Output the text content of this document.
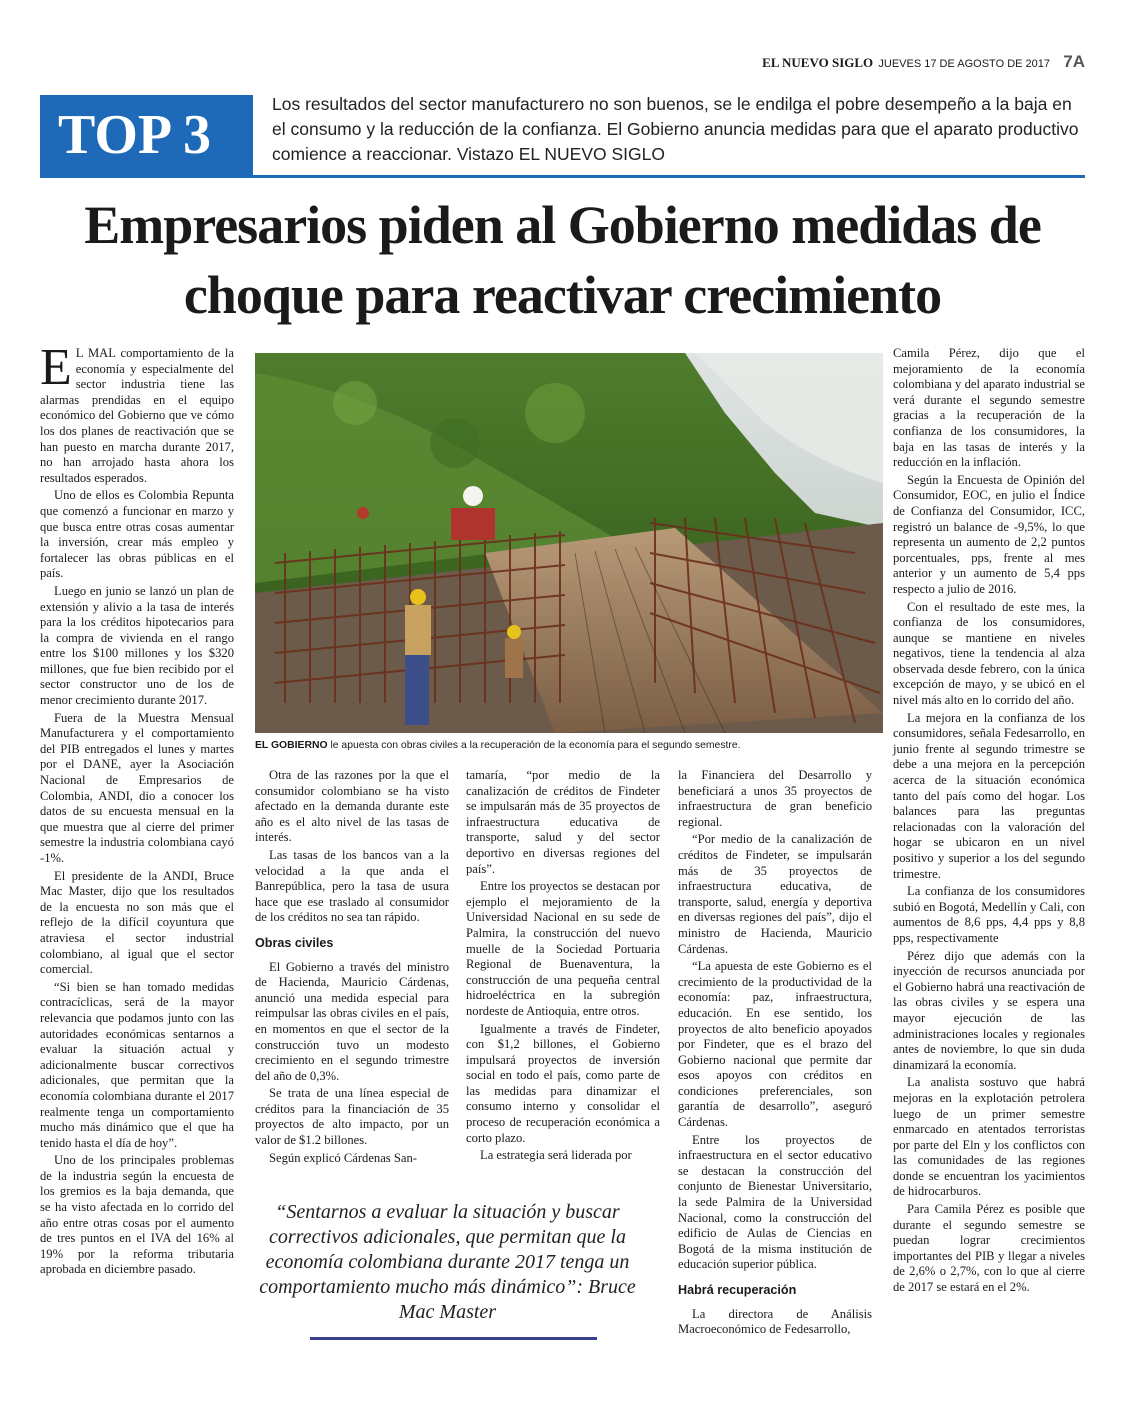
EL NUEVO SIGLO JUEVES 17 DE AGOSTO DE 2017 7A
TOP 3	Los resultados del sector manufacturero no son buenos, se le endilga el pobre desempeño a la baja en el consumo y la reducción de la confianza. El Gobierno anuncia medidas para que el aparato productivo comience a reaccionar. Vistazo EL NUEVO SIGLO
Empresarios piden al Gobierno medidas de
choque para reactivar crecimiento

E L MAL comportamiento de la economía y especialmente del sector industria tiene las alarmas prendidas en el equipo económico del Gobierno que ve cómo los dos planes de reactivación que se han puesto en marcha durante 2017, no han arrojado hasta ahora los resultados esperados.

Uno de ellos es Colombia Repunta que comenzó a funcionar en marzo y que busca entre otras cosas aumentar la inversión, crear más empleo y fortalecer las obras públicas en el país.

Luego en junio se lanzó un plan de extensión y alivio a la tasa de interés para la los créditos hipotecarios para la compra de vivienda en el rango entre los $100 millones y los $320 millones, que fue bien recibido por el sector constructor uno de los de menor crecimiento durante 2017.

Fuera de la Muestra Mensual Manufacturera y el comportamiento del PIB entregados el lunes y martes por el DANE, ayer la Asociación Nacional de Empresarios de Colombia, ANDI, dio a conocer los datos de su encuesta mensual en la que muestra que al cierre del primer semestre la industria colombiana cayó -1%.

El presidente de la ANDI, Bruce Mac Master, dijo que los resultados de la encuesta no son más que el reflejo de la difícil coyuntura que atraviesa el sector industrial colombiano, al igual que el sector comercial.

“Si bien se han tomado medidas contracíclicas, será de la mayor relevancia que podamos junto con las autoridades económicas sentarnos a evaluar la situación actual y adicionalmente buscar correctivos adicionales, que permitan que la economía colombiana durante el 2017 realmente tenga un comportamiento mucho más dinámico que el que ha tenido hasta el día de hoy”.

Uno de los principales problemas de la industria según la encuesta de los gremios es la baja demanda, que se ha visto afectada en lo corrido del año entre otras cosas por el aumento de tres puntos en el IVA del 16% al 19% por la reforma tributaria aprobada en diciembre pasado.

EL GOBIERNO le apuesta con obras civiles a la recuperación de la economía para el segundo semestre.

Otra de las razones por la que el consumidor colombiano se ha visto afectado en la demanda durante este año es el alto nivel de las tasas de interés.

Las tasas de los bancos van a la velocidad a la que anda el Banrepública, pero la tasa de usura hace que ese traslado al consumidor de los créditos no sea tan rápido.

Obras civiles

El Gobierno a través del ministro de Hacienda, Mauricio Cárdenas, anunció una medida especial para reimpulsar las obras civiles en el país, en momentos en que el sector de la construcción tuvo un modesto crecimiento en el segundo trimestre del año de 0,3%.

Se trata de una línea especial de créditos para la financiación de 35 proyectos de alto impacto, por un valor de $1.2 billones.

Según explicó Cárdenas San-

tamaría, “por medio de la canalización de créditos de Findeter se impulsarán más de 35 proyectos de infraestructura educativa de transporte, salud y del sector deportivo en diversas regiones del país”.

Entre los proyectos se destacan por ejemplo el mejoramiento de la Universidad Nacional en su sede de Palmira, la construcción del nuevo muelle de la Sociedad Portuaria Regional de Buenaventura, la construcción de una pequeña central hidroeléctrica en la subregión nordeste de Antioquia, entre otros.

Igualmente a través de Findeter, con $1,2 billones, el Gobierno impulsará proyectos de inversión social en todo el país, como parte de las medidas para dinamizar el consumo interno y consolidar el proceso de recuperación económica a corto plazo.

La estrategia será liderada por

la Financiera del Desarrollo y beneficiará a unos 35 proyectos de infraestructura de gran beneficio regional.

“Por medio de la canalización de créditos de Findeter, se impulsarán más de 35 proyectos de infraestructura educativa, de transporte, salud, energía y deportiva en diversas regiones del país”, dijo el ministro de Hacienda, Mauricio Cárdenas.

“La apuesta de este Gobierno es el crecimiento de la productividad de la economía: paz, infraestructura, educación. En ese sentido, los proyectos de alto beneficio apoyados por Findeter, que es el brazo del Gobierno nacional que permite dar esos apoyos con créditos en condiciones preferenciales, son garantía de desarrollo”, aseguró Cárdenas.

Entre los proyectos de infraestructura en el sector educativo se destacan la construcción del conjunto de Bienestar Universitario, la sede Palmira de la Universidad Nacional, como la construcción del edificio de Aulas de Ciencias en Bogotá de la misma institución de educación superior pública.

Habrá recuperación

La directora de Análisis Macroeconómico de Fedesarrollo,

Camila Pérez, dijo que el mejoramiento de la economía colombiana y del aparato industrial se verá durante el segundo semestre gracias a la recuperación de la confianza de los consumidores, la baja en las tasas de interés y la reducción en la inflación.

Según la Encuesta de Opinión del Consumidor, EOC, en julio el Índice de Confianza del Consumidor, ICC, registró un balance de -9,5%, lo que representa un aumento de 2,2 puntos porcentuales, pps, frente al mes anterior y un aumento de 5,4 pps respecto a julio de 2016.

Con el resultado de este mes, la confianza de los consumidores, aunque se mantiene en niveles negativos, tiene la tendencia al alza observada desde febrero, con la única excepción de mayo, y se ubicó en el nivel más alto en lo corrido del año.

La mejora en la confianza de los consumidores, señala Fedesarrollo, en junio frente al segundo trimestre se debe a una mejora en la percepción acerca de la situación económica tanto del país como del hogar. Los balances para las preguntas relacionadas con la valoración del hogar se ubicaron en un nivel positivo y superior a los del segundo trimestre.

La confianza de los consumidores subió en Bogotá, Medellín y Cali, con aumentos de 8,6 pps, 4,4 pps y 8,8 pps, respectivamente

Pérez dijo que además con la inyección de recursos anunciada por el Gobierno habrá una reactivación de las obras civiles y se espera una mayor ejecución de las administraciones locales y regionales antes de noviembre, lo que sin duda dinamizará la economía.

La analista sostuvo que habrá mejoras en la explotación petrolera luego de un primer semestre enmarcado en atentados terroristas por parte del Eln y los conflictos con las comunidades de las regiones donde se encuentran los yacimientos de hidrocarburos.

Para Camila Pérez es posible que durante el segundo semestre se puedan lograr crecimientos importantes del PIB y llegar a niveles de 2,6% o 2,7%, con lo que al cierre de 2017 se estará en el 2%.

“Sentarnos a evaluar la situación y buscar correctivos adicionales, que permitan que la economía colombiana durante 2017 tenga un comportamiento mucho más dinámico”: Bruce Mac Master
